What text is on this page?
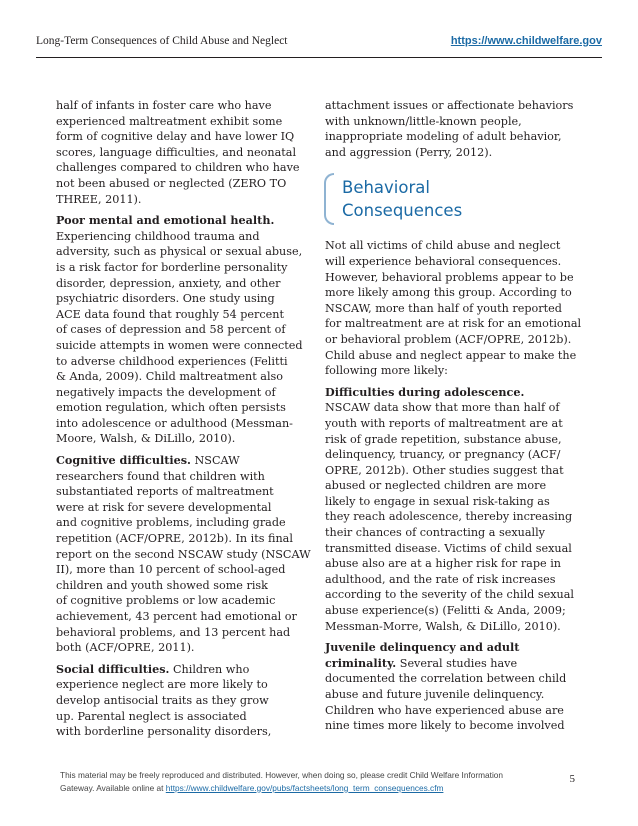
Long-Term Consequences of Child Abuse and Neglect	https://www.childwelfare.gov

half of infants in foster care who have
experienced maltreatment exhibit some
form of cognitive delay and have lower IQ
scores, language difficulties, and neonatal
challenges compared to children who have
not been abused or neglected (ZERO TO
THREE, 2011).

Poor mental and emotional health.
Experiencing childhood trauma and
adversity, such as physical or sexual abuse,
is a risk factor for borderline personality
disorder, depression, anxiety, and other
psychiatric disorders. One study using
ACE data found that roughly 54 percent
of cases of depression and 58 percent of
suicide attempts in women were connected
to adverse childhood experiences (Felitti
& Anda, 2009). Child maltreatment also
negatively impacts the development of
emotion regulation, which often persists
into adolescence or adulthood (Messman-
Moore, Walsh, & DiLillo, 2010).

Cognitive difficulties. NSCAW
researchers found that children with
substantiated reports of maltreatment
were at risk for severe developmental
and cognitive problems, including grade
repetition (ACF/OPRE, 2012b). In its final
report on the second NSCAW study (NSCAW
II), more than 10 percent of school-aged
children and youth showed some risk
of cognitive problems or low academic
achievement, 43 percent had emotional or
behavioral problems, and 13 percent had
both (ACF/OPRE, 2011).

Social difficulties. Children who
experience neglect are more likely to
develop antisocial traits as they grow
up. Parental neglect is associated
with borderline personality disorders,

attachment issues or affectionate behaviors
with unknown/little-known people,
inappropriate modeling of adult behavior,
and aggression (Perry, 2012).

Behavioral
Consequences

Not all victims of child abuse and neglect
will experience behavioral consequences.
However, behavioral problems appear to be
more likely among this group. According to
NSCAW, more than half of youth reported
for maltreatment are at risk for an emotional
or behavioral problem (ACF/OPRE, 2012b).
Child abuse and neglect appear to make the
following more likely:

Difficulties during adolescence.
NSCAW data show that more than half of
youth with reports of maltreatment are at
risk of grade repetition, substance abuse,
delinquency, truancy, or pregnancy (ACF/
OPRE, 2012b). Other studies suggest that
abused or neglected children are more
likely to engage in sexual risk-taking as
they reach adolescence, thereby increasing
their chances of contracting a sexually
transmitted disease. Victims of child sexual
abuse also are at a higher risk for rape in
adulthood, and the rate of risk increases
according to the severity of the child sexual
abuse experience(s) (Felitti & Anda, 2009;
Messman-Morre, Walsh, & DiLillo, 2010).

Juvenile delinquency and adult
criminality. Several studies have
documented the correlation between child
abuse and future juvenile delinquency.
Children who have experienced abuse are
nine times more likely to become involved

This material may be freely reproduced and distributed. However, when doing so, please credit Child Welfare Information
Gateway. Available online at https://www.childwelfare.gov/pubs/factsheets/long_term_consequences.cfm
5
